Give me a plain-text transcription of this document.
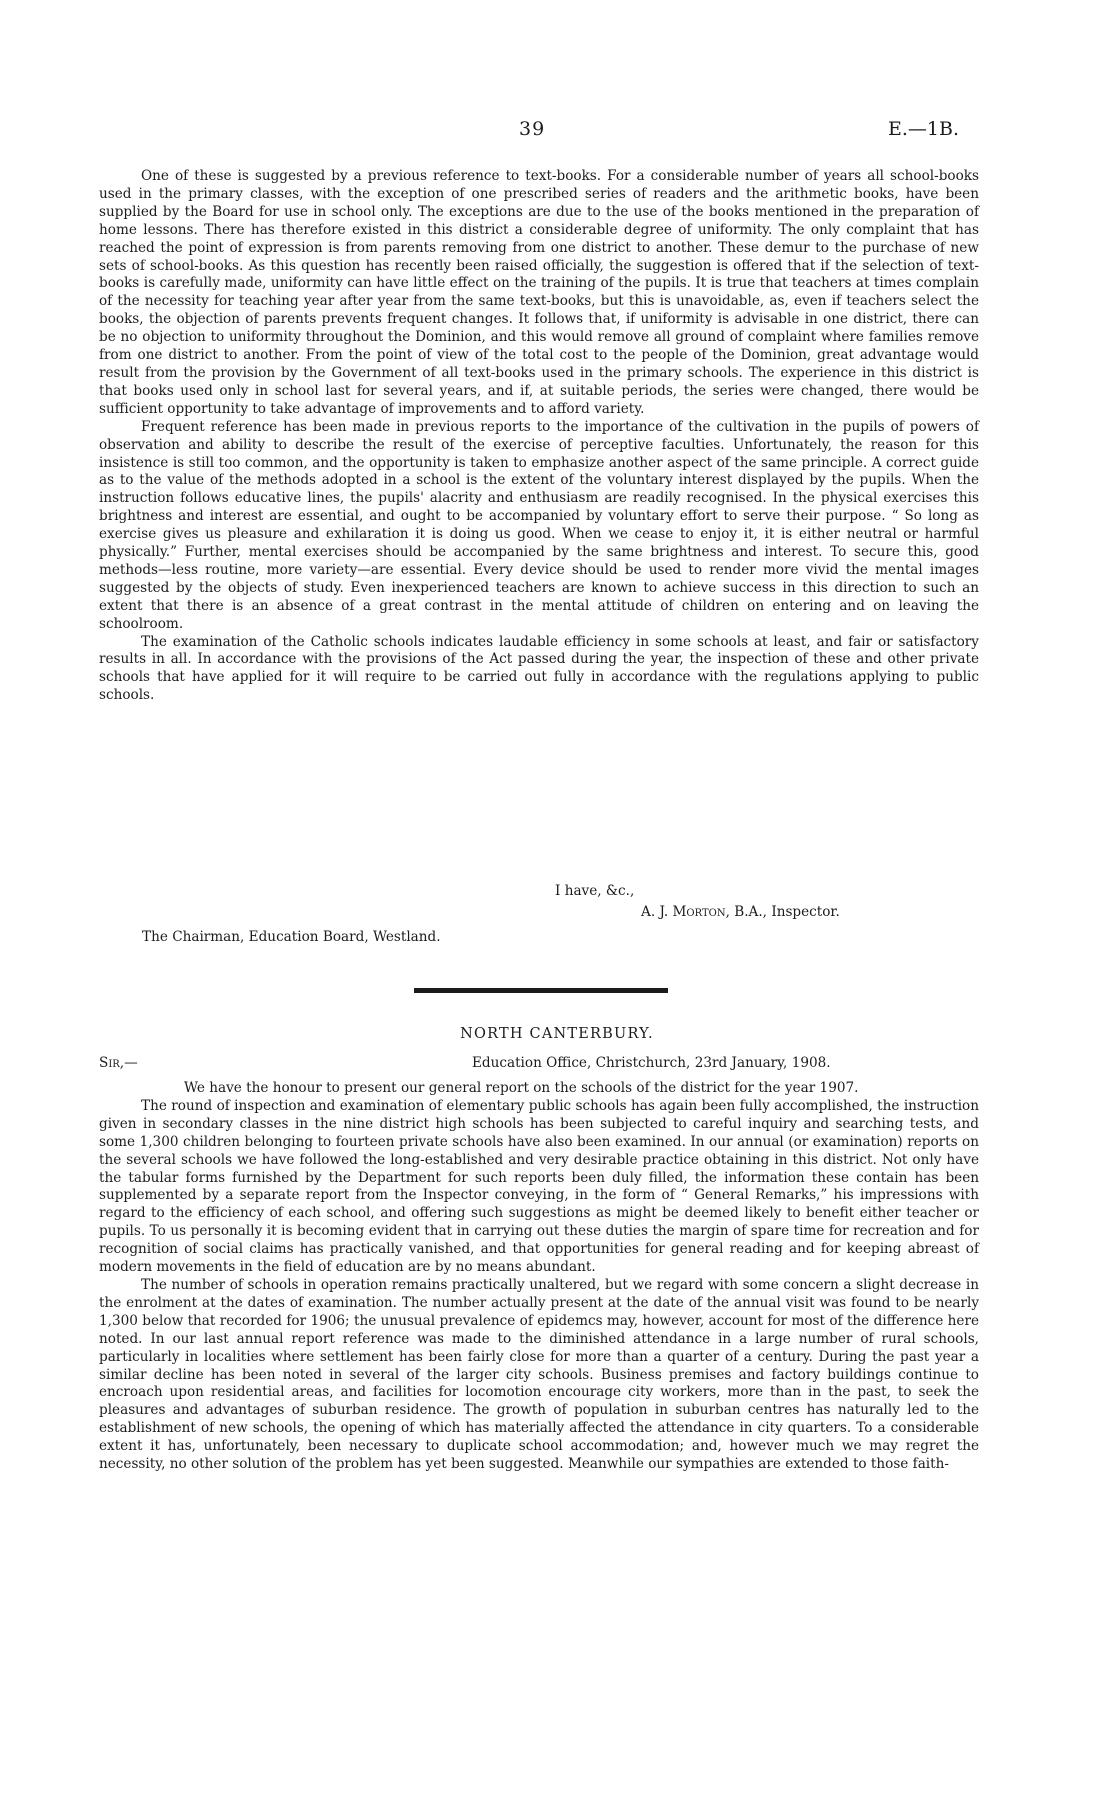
39	E.—1B.

One of these is suggested by a previous reference to text-books. For a considerable number of years all school-books used in the primary classes, with the exception of one prescribed series of readers and the arithmetic books, have been supplied by the Board for use in school only. The exceptions are due to the use of the books mentioned in the preparation of home lessons. There has therefore existed in this district a considerable degree of uniformity. The only complaint that has reached the point of expression is from parents removing from one district to another. These demur to the purchase of new sets of school-books. As this question has recently been raised officially, the suggestion is offered that if the selection of text-books is carefully made, uniformity can have little effect on the training of the pupils. It is true that teachers at times complain of the necessity for teaching year after year from the same text-books, but this is unavoidable, as, even if teachers select the books, the objection of parents prevents frequent changes. It follows that, if uniformity is advisable in one district, there can be no objection to uniformity throughout the Dominion, and this would remove all ground of complaint where families remove from one district to another. From the point of view of the total cost to the people of the Dominion, great advantage would result from the provision by the Government of all text-books used in the primary schools. The experience in this district is that books used only in school last for several years, and if, at suitable periods, the series were changed, there would be sufficient opportunity to take advantage of improvements and to afford variety.

Frequent reference has been made in previous reports to the importance of the cultivation in the pupils of powers of observation and ability to describe the result of the exercise of perceptive faculties. Unfortunately, the reason for this insistence is still too common, and the opportunity is taken to emphasize another aspect of the same principle. A correct guide as to the value of the methods adopted in a school is the extent of the voluntary interest displayed by the pupils. When the instruction follows educative lines, the pupils' alacrity and enthusiasm are readily recognised. In the physical exercises this brightness and interest are essential, and ought to be accompanied by voluntary effort to serve their purpose. “ So long as exercise gives us pleasure and exhilaration it is doing us good. When we cease to enjoy it, it is either neutral or harmful physically.” Further, mental exercises should be accompanied by the same brightness and interest. To secure this, good methods—less routine, more variety—are essential. Every device should be used to render more vivid the mental images suggested by the objects of study. Even inexperienced teachers are known to achieve success in this direction to such an extent that there is an absence of a great contrast in the mental attitude of children on entering and on leaving the schoolroom.

The examination of the Catholic schools indicates laudable efficiency in some schools at least, and fair or satisfactory results in all. In accordance with the provisions of the Act passed during the year, the inspection of these and other private schools that have applied for it will require to be carried out fully in accordance with the regulations applying to public schools.

I have, &c.,
A. J. Morton, B.A., Inspector.
The Chairman, Education Board, Westland.
NORTH CANTERBURY.
Sir,—	Education Office, Christchurch, 23rd January, 1908.

We have the honour to present our general report on the schools of the district for the year 1907.

The round of inspection and examination of elementary public schools has again been fully accomplished, the instruction given in secondary classes in the nine district high schools has been subjected to careful inquiry and searching tests, and some 1,300 children belonging to fourteen private schools have also been examined. In our annual (or examination) reports on the several schools we have followed the long-established and very desirable practice obtaining in this district. Not only have the tabular forms furnished by the Department for such reports been duly filled, the information these contain has been supplemented by a separate report from the Inspector conveying, in the form of “ General Remarks,” his impressions with regard to the efficiency of each school, and offering such suggestions as might be deemed likely to benefit either teacher or pupils. To us personally it is becoming evident that in carrying out these duties the margin of spare time for recreation and for recognition of social claims has practically vanished, and that opportunities for general reading and for keeping abreast of modern movements in the field of education are by no means abundant.

The number of schools in operation remains practically unaltered, but we regard with some concern a slight decrease in the enrolment at the dates of examination. The number actually present at the date of the annual visit was found to be nearly 1,300 below that recorded for 1906; the unusual prevalence of epidemcs may, however, account for most of the difference here noted. In our last annual report reference was made to the diminished attendance in a large number of rural schools, particularly in localities where settlement has been fairly close for more than a quarter of a century. During the past year a similar decline has been noted in several of the larger city schools. Business premises and factory buildings continue to encroach upon residential areas, and facilities for locomotion encourage city workers, more than in the past, to seek the pleasures and advantages of suburban residence. The growth of population in suburban centres has naturally led to the establishment of new schools, the opening of which has materially affected the attendance in city quarters. To a considerable extent it has, unfortunately, been necessary to duplicate school accommodation; and, however much we may regret the necessity, no other solution of the problem has yet been suggested. Meanwhile our sympathies are extended to those faith-
